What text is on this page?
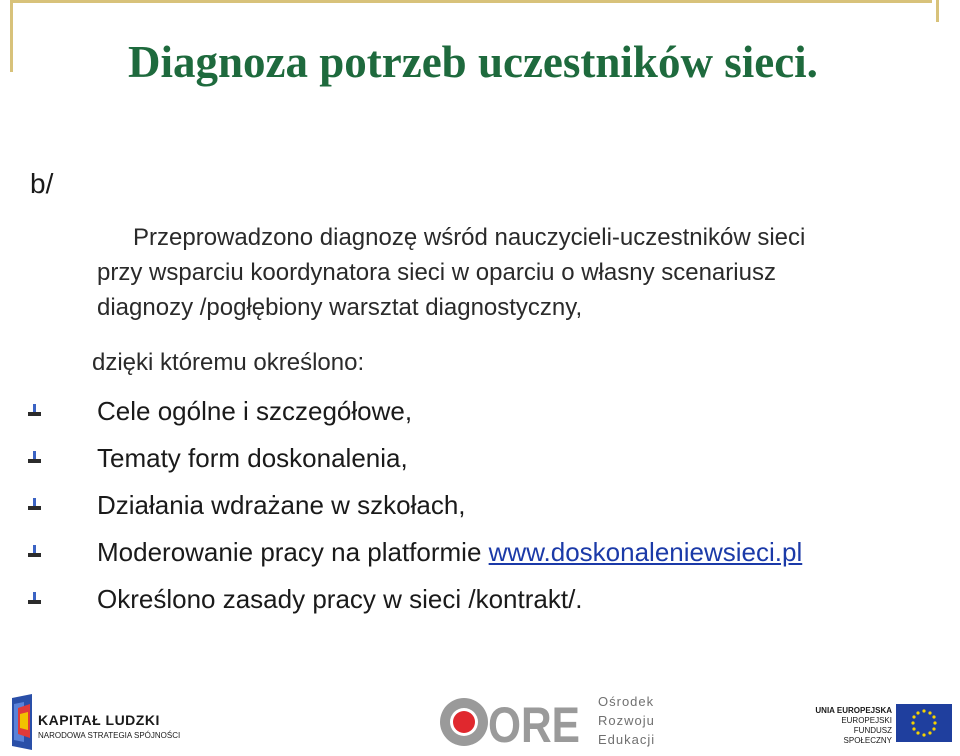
Diagnoza potrzeb uczestników sieci.
b/

Przeprowadzono diagnozę wśród nauczycieli-uczestników sieci
przy wsparciu koordynatora sieci w oparciu o własny scenariusz
diagnozy /pogłębiony warsztat diagnostyczny,

dzięki któremu określono:
Cele ogólne i szczegółowe,
Tematy form doskonalenia,
Działania wdrażane w szkołach,
Moderowanie pracy na platformie www.doskonaleniewsieci.pl
Określono zasady pracy w sieci /kontrakt/.
KAPITAŁ LUDZKI
NARODOWA STRATEGIA SPÓJNOŚCI	ORE Ośrodek
Rozwoju
Edukacji
UNIA EUROPEJSKA
EUROPEJSKI
FUNDUSZ SPOŁECZNY
